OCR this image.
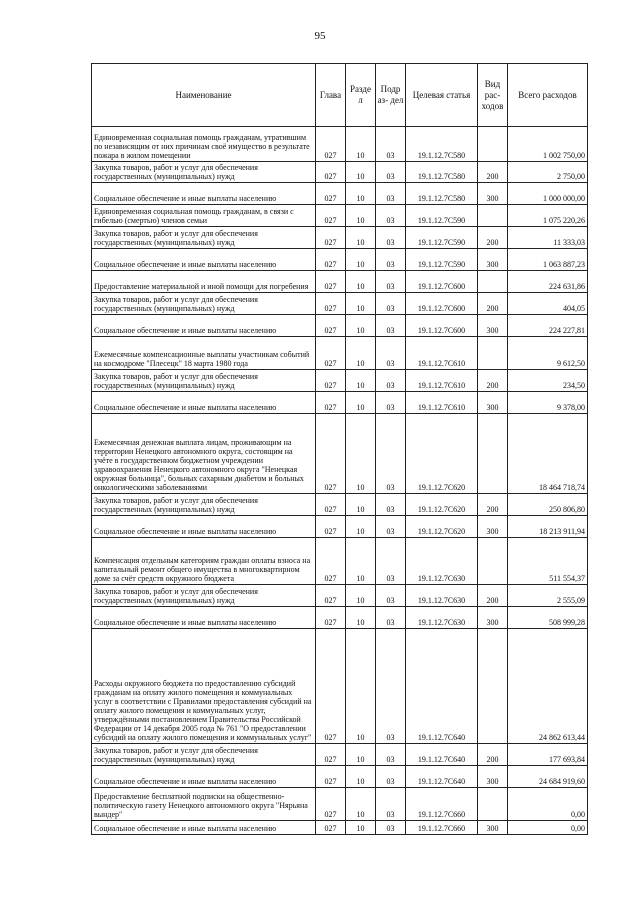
95
Наименование	Глава	Разде л	Подр аз- дел	Целевая статья	Вид рас- ходов	Всего расходов
Единовременная социальная помощь гражданам, утратившим по независящим от них причинам своё имущество в результате пожара в жилом помещении	027	10	03	19.1.12.7С580		1 002 750,00
Закупка товаров, работ и услуг для обеспечения государственных (муниципальных) нужд	027	10	03	19.1.12.7С580	200	2 750,00
Социальное обеспечение и иные выплаты населению	027	10	03	19.1.12.7С580	300	1 000 000,00
Единовременная социальная помощь гражданам, в связи с гибелью (смертью) членов семьи	027	10	03	19.1.12.7С590		1 075 220,26
Закупка товаров, работ и услуг для обеспечения государственных (муниципальных) нужд	027	10	03	19.1.12.7С590	200	11 333,03
Социальное обеспечение и иные выплаты населению	027	10	03	19.1.12.7С590	300	1 063 887,23
Предоставление материальной и иной помощи для погребения	027	10	03	19.1.12.7С600		224 631,86
Закупка товаров, работ и услуг для обеспечения государственных (муниципальных) нужд	027	10	03	19.1.12.7С600	200	404,05
Социальное обеспечение и иные выплаты населению	027	10	03	19.1.12.7С600	300	224 227,81
Ежемесячные компенсационные выплаты участникам событий на космодроме "Плесецк" 18 марта 1980 года	027	10	03	19.1.12.7С610		9 612,50
Закупка товаров, работ и услуг для обеспечения государственных (муниципальных) нужд	027	10	03	19.1.12.7С610	200	234,50
Социальное обеспечение и иные выплаты населению	027	10	03	19.1.12.7С610	300	9 378,00
Ежемесячная денежная выплата лицам, проживающим на территории Ненецкого автономного округа, состоящим на учёте в государственном бюджетном учреждении здравоохранения Ненецкого автономного округа "Ненецкая окружная больница", больных сахарным диабетом и больных онкологическими заболеваниями	027	10	03	19.1.12.7С620		18 464 718,74
Закупка товаров, работ и услуг для обеспечения государственных (муниципальных) нужд	027	10	03	19.1.12.7С620	200	250 806,80
Социальное обеспечение и иные выплаты населению	027	10	03	19.1.12.7С620	300	18 213 911,94
Компенсация отдельным категориям граждан оплаты взноса на капитальный ремонт общего имущества в многоквартирном доме за счёт средств окружного бюджета	027	10	03	19.1.12.7С630		511 554,37
Закупка товаров, работ и услуг для обеспечения государственных (муниципальных) нужд	027	10	03	19.1.12.7С630	200	2 555,09
Социальное обеспечение и иные выплаты населению	027	10	03	19.1.12.7С630	300	508 999,28
Расходы окружного бюджета по предоставлению субсидий гражданам на оплату жилого помещения и коммунальных услуг в соответствии с Правилами предоставления субсидий на оплату жилого помещения и коммунальных услуг, утверждёнными постановлением Правительства Российской Федерации от 14 декабря 2005 года № 761 "О предоставлении субсидий на оплату жилого помещения и коммунальных услуг"	027	10	03	19.1.12.7С640		24 862 613,44
Закупка товаров, работ и услуг для обеспечения государственных (муниципальных) нужд	027	10	03	19.1.12.7С640	200	177 693,84
Социальное обеспечение и иные выплаты населению	027	10	03	19.1.12.7С640	300	24 684 919,60
Предоставление бесплатной подписки на общественно-политическую газету Ненецкого автономного округа "Нярьяна вындер"	027	10	03	19.1.12.7С660		0,00
Социальное обеспечение и иные выплаты населению	027	10	03	19.1.12.7С660	300	0,00
